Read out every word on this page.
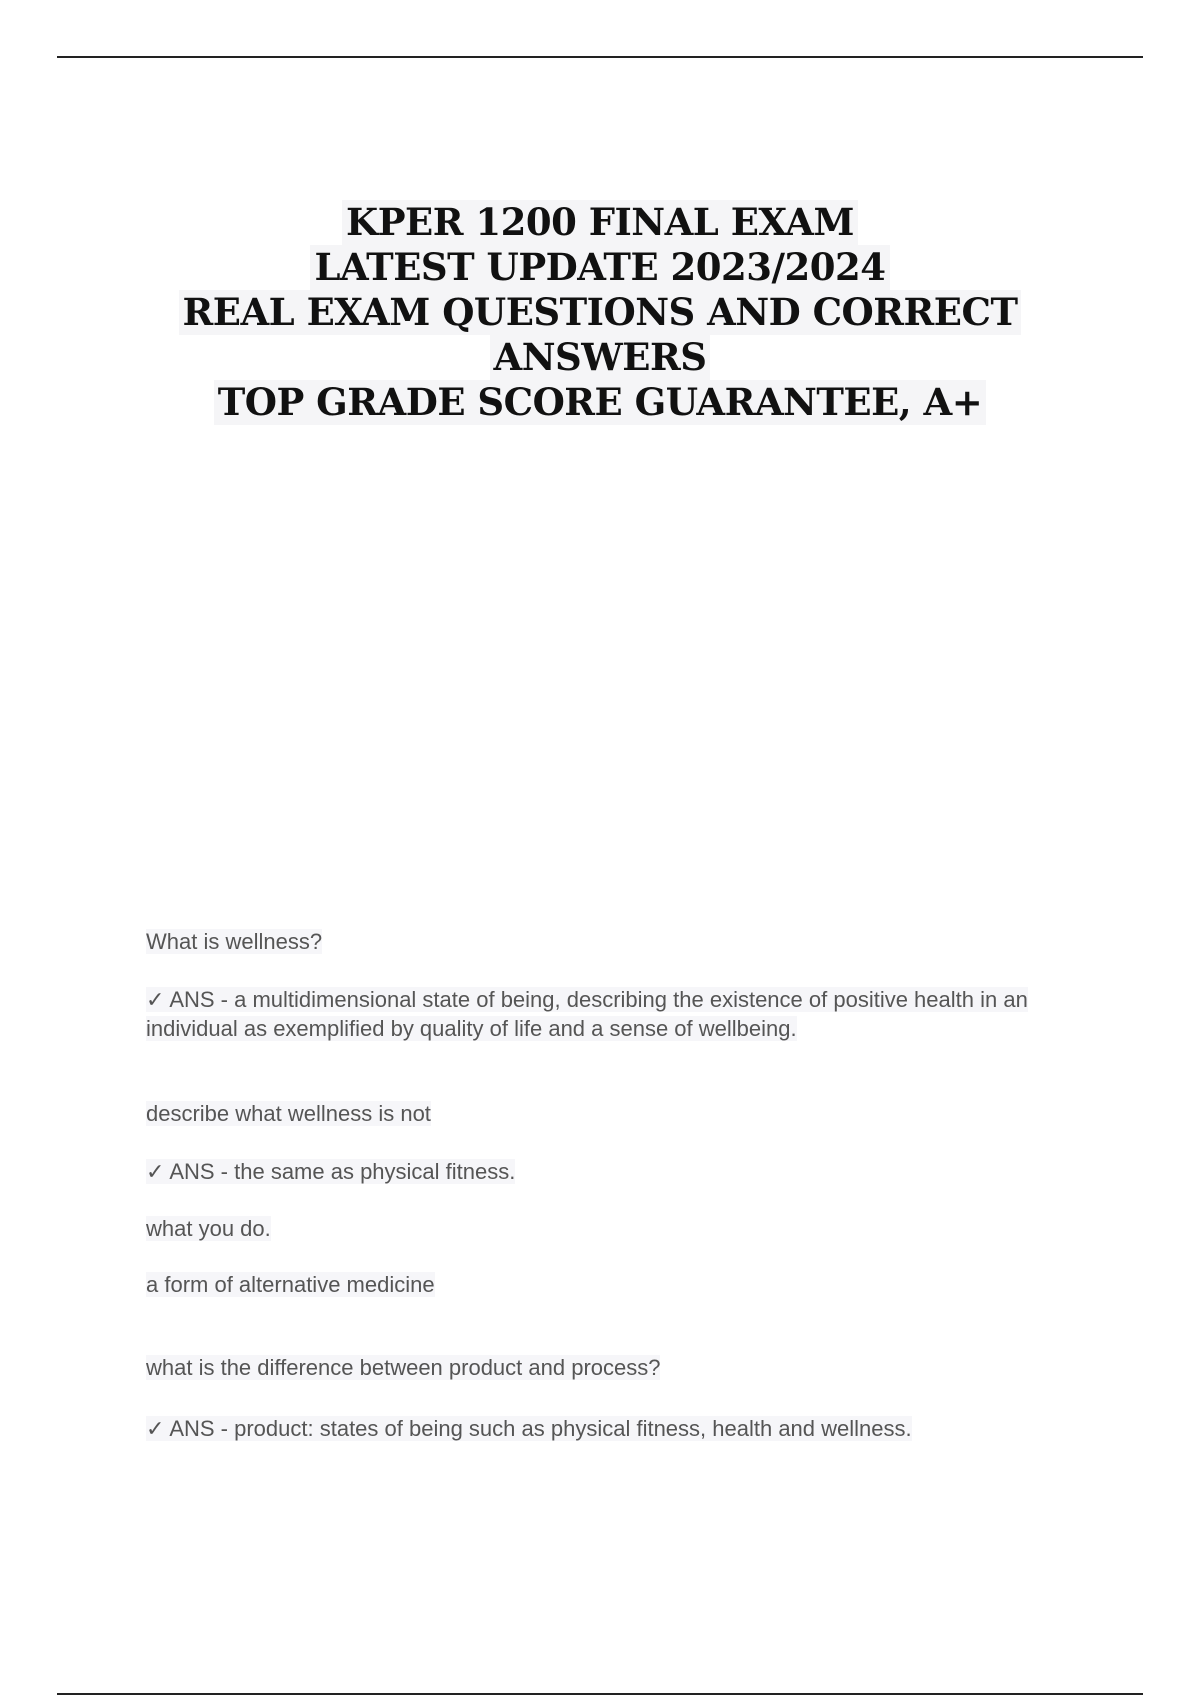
KPER 1200 FINAL EXAM
LATEST UPDATE 2023/2024
REAL EXAM QUESTIONS AND CORRECT
ANSWERS
TOP GRADE SCORE GUARANTEE, A+
What is wellness?
✓ ANS - a multidimensional state of being, describing the existence of positive health in an individual as exemplified by quality of life and a sense of wellbeing.
describe what wellness is not
✓ ANS - the same as physical fitness.
what you do.
a form of alternative medicine
what is the difference between product and process?
✓ ANS - product: states of being such as physical fitness, health and wellness.
